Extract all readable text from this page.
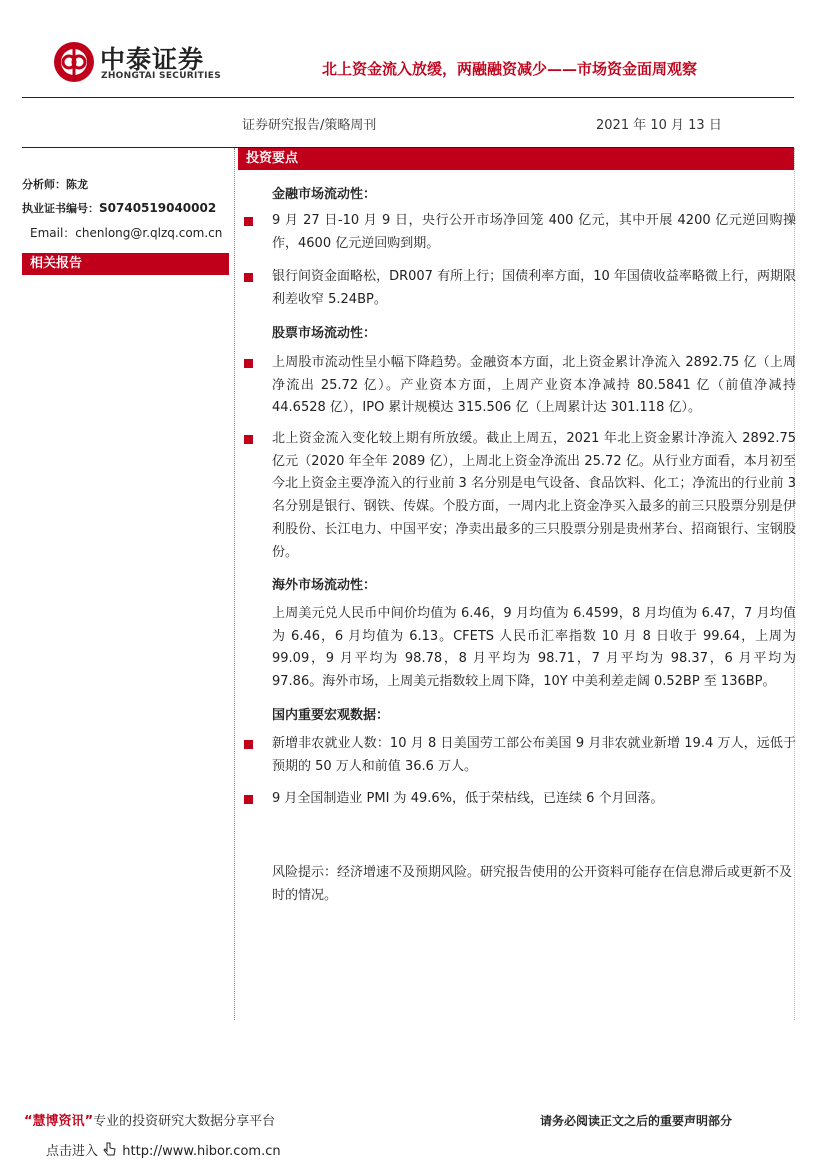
中泰证券
ZHONGTAI SECURITIES	北上资金流入放缓，两融融资减少——市场资金面周观察
证券研究报告/策略周刊	2021 年 10 月 13 日
分析师：陈龙
执业证书编号：S0740519040002
Email：chenlong@r.qlzq.com.cn
相关报告
投资要点
金融市场流动性：
9 月 27 日-10 月 9 日，央行公开市场净回笼 400 亿元，其中开展 4200 亿元逆回购操作，4600 亿元逆回购到期。
银行间资金面略松，DR007 有所上行；国债利率方面，10 年国债收益率略微上行，两期限利差收窄 5.24BP。
股票市场流动性：
上周股市流动性呈小幅下降趋势。金融资本方面，北上资金累计净流入 2892.75 亿（上周净流出 25.72 亿）。产业资本方面，上周产业资本净减持 80.5841 亿（前值净减持 44.6528 亿），IPO 累计规模达 315.506 亿（上周累计达 301.118 亿）。
北上资金流入变化较上期有所放缓。截止上周五，2021 年北上资金累计净流入 2892.75 亿元（2020 年全年 2089 亿），上周北上资金净流出 25.72 亿。从行业方面看，本月初至今北上资金主要净流入的行业前 3 名分别是电气设备、食品饮料、化工；净流出的行业前 3 名分别是银行、钢铁、传媒。个股方面，一周内北上资金净买入最多的前三只股票分别是伊利股份、长江电力、中国平安；净卖出最多的三只股票分别是贵州茅台、招商银行、宝钢股份。
海外市场流动性：
上周美元兑人民币中间价均值为 6.46，9 月均值为 6.4599，8 月均值为 6.47，7 月均值为 6.46，6 月均值为 6.13。CFETS 人民币汇率指数 10 月 8 日收于 99.64，上周为 99.09，9 月平均为 98.78，8 月平均为 98.71，7 月平均为 98.37，6 月平均为 97.86。海外市场，上周美元指数较上周下降，10Y 中美利差走阔 0.52BP 至 136BP。
国内重要宏观数据：
新增非农就业人数：10 月 8 日美国劳工部公布美国 9 月非农就业新增 19.4 万人，远低于预期的 50 万人和前值 36.6 万人。
9 月全国制造业 PMI 为 49.6%，低于荣枯线，已连续 6 个月回落。
风险提示：经济增速不及预期风险。研究报告使用的公开资料可能存在信息滞后或更新不及时的情况。
“慧博资讯”专业的投资研究大数据分享平台
点击进入 http://www.hibor.com.cn
请务必阅读正文之后的重要声明部分
